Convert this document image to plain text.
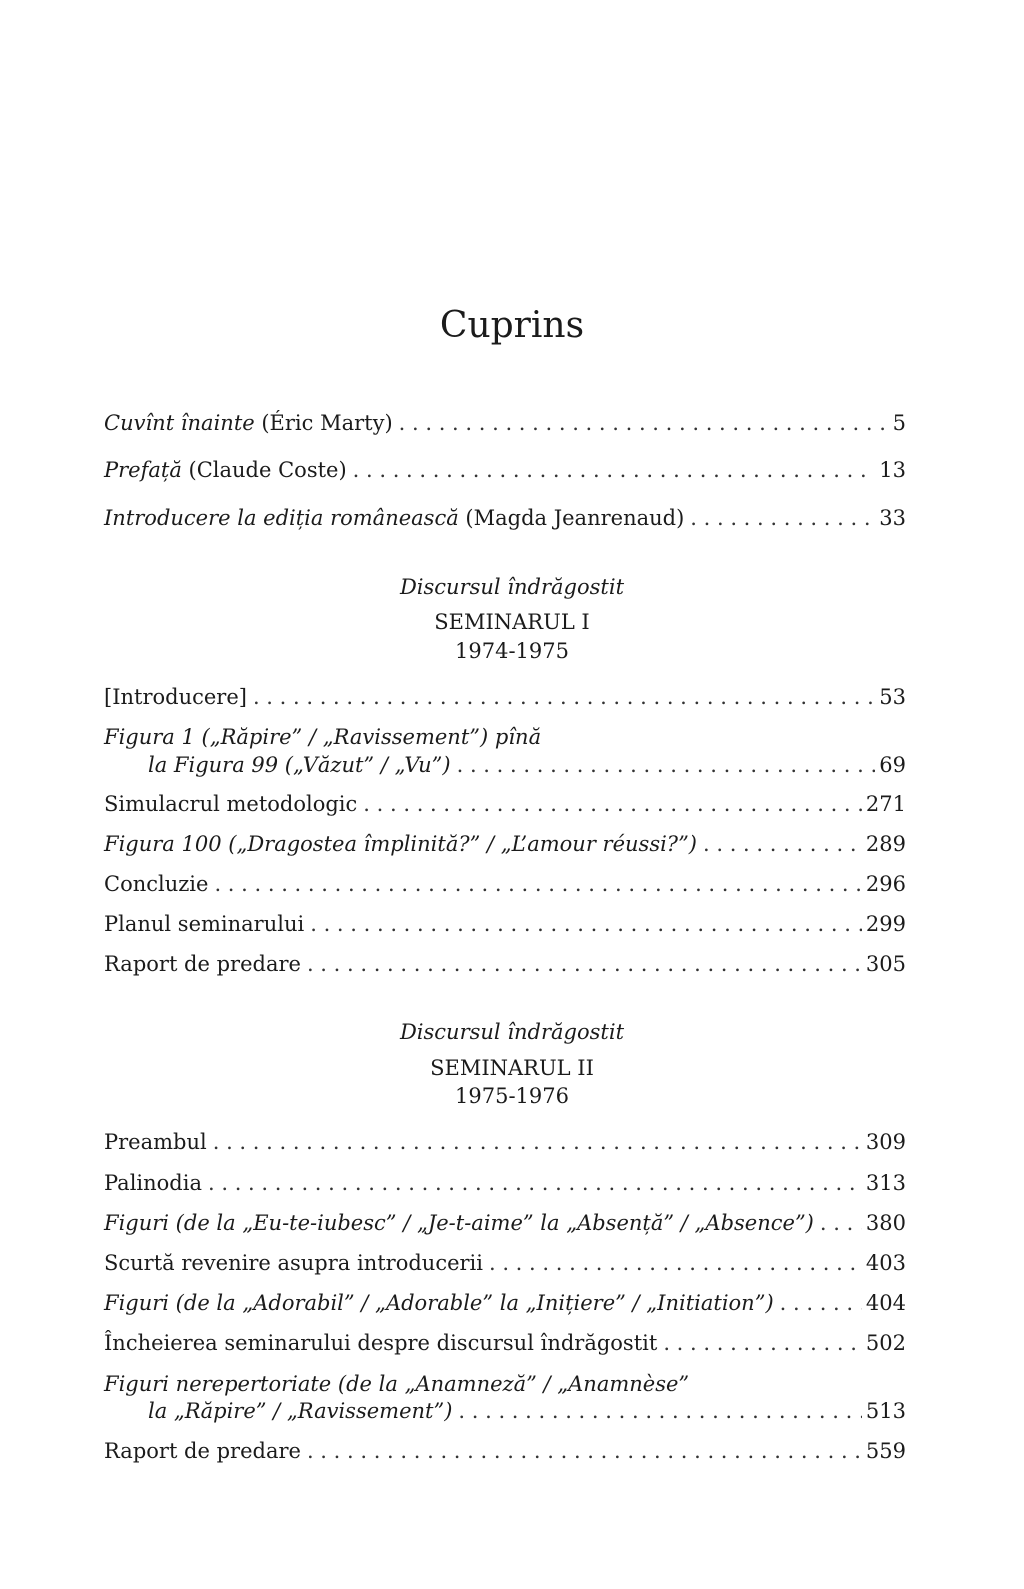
Cuprins
Cuvînt înainte (Éric Marty) . . .	5
Prefață (Claude Coste) . . .	13
Introducere la ediția românească (Magda Jeanrenaud) . . .	33
Discursul îndrăgostit
SEMINARUL I
1974-1975
[Introducere] . . .	53
Figura 1 („Răpire” / „Ravissement”) pînă
la Figura 99 („Văzut” / „Vu”) . . .	69
Simulacrul metodologic . . .	271
Figura 100 („Dragostea împlinită?” / „L’amour réussi?”) . . .	289
Concluzie . . .	296
Planul seminarului . . .	299
Raport de predare . . .	305
Discursul îndrăgostit
SEMINARUL II
1975-1976
Preambul . . .	309
Palinodia . . .	313
Figuri (de la „Eu-te-iubesc” / „Je-t-aime” la „Absență” / „Absence”) . . . 380
Scurtă revenire asupra introducerii . . .	403
Figuri (de la „Adorabil” / „Adorable” la „Inițiere” / „Initiation”) . . .	404
Încheierea seminarului despre discursul îndrăgostit . . .	502
Figuri nerepertoriate (de la „Anamneză” / „Anamnèse”
la „Răpire” / „Ravissement”) . . .	513
Raport de predare . . .	559
